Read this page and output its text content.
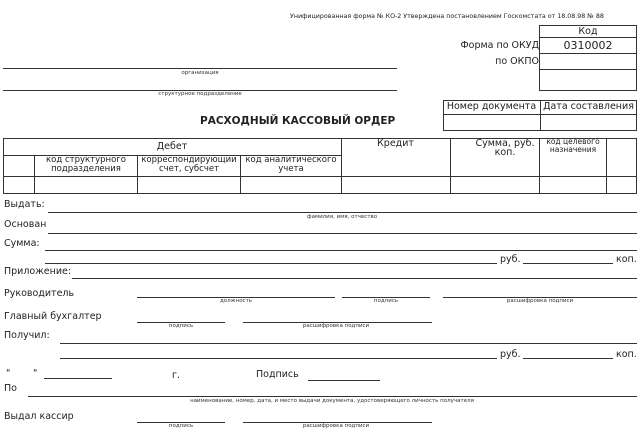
Унифицированная форма № КО-2 Утверждена постановлением Госкомстата от 18.08.98 № 88
Код
0310002
Форма по ОКУД
по ОКПО
организация
структурное подразделение
Номер документа Дата составления
РАСХОДНЫЙ КАССОВЫЙ ОРДЕР
Дебет
код структурного подразделения
корреспондирующии счет, субсчет
код аналитического учета
Кредит	Сумма, руб. коп.
код целевого назначения
Выдать:
фамилия, имя, отчество
Основан
Сумма:
руб.	коп.
Приложение:
Руководитель
должность	подпись	расшифровка подписи
Главный бухгалтер
подпись	расшифровка подписи
Получил:
руб.	коп.
" "	г.	Подпись
По
наименование, номер, дата, и место выдачи документа, удостоверяющего личность получателя
Выдал кассир
подпись	расшифровка подписи
